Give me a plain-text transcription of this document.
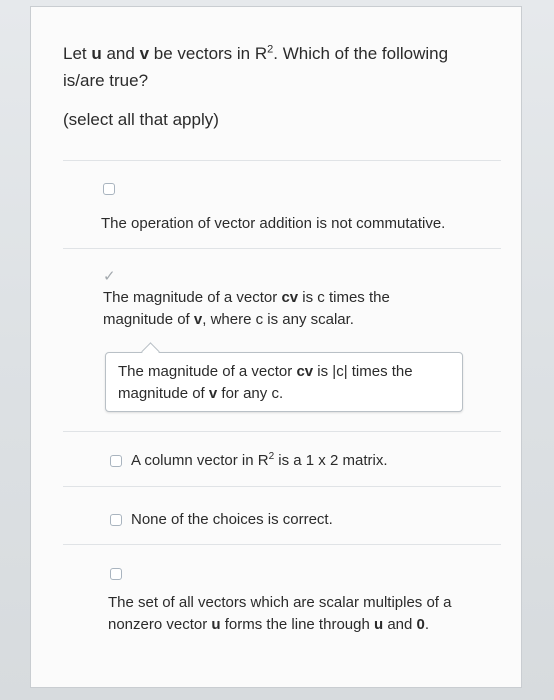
Let u and v be vectors in $R^2$. Which of the following is/are true?
(select all that apply)
The operation of vector addition is not commutative.
✓
The magnitude of a vector cv is c times the magnitude of v, where c is any scalar.
The magnitude of a vector cv is |c| times the magnitude of v for any c.
A column vector in $R^2$ is a 1 x 2 matrix.
None of the choices is correct.
The set of all vectors which are scalar multiples of a nonzero vector u forms the line through u and 0.
